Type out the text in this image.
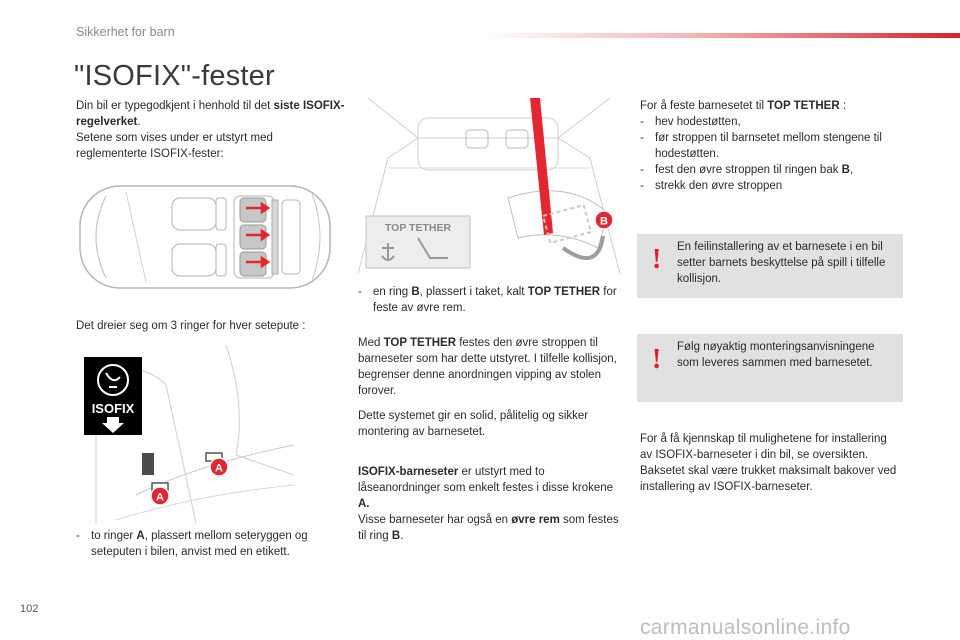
Sikkerhet for barn
"ISOFIX"-fester
Din bil er typegodkjent i henhold til det siste ISOFIX-regelverket.
Setene som vises under er utstyrt med reglementerte ISOFIX-fester:
Det dreier seg om 3 ringer for hver setepute :
ISOFIX
A
A
- to ringer A, plassert mellom seteryggen og seteputen i bilen, anvist med en etikett.
TOP TETHER
B
- en ring B, plassert i taket, kalt TOP TETHER for feste av øvre rem.
Med TOP TETHER festes den øvre stroppen til barneseter som har dette utstyret. I tilfelle kollisjon, begrenser denne anordningen vipping av stolen forover.
Dette systemet gir en solid, pålitelig og sikker montering av barnesetet.
ISOFIX-barneseter er utstyrt med to låseanordninger som enkelt festes i disse krokene A.
Visse barneseter har også en øvre rem som festes til ring B.
For å feste barnesetet til TOP TETHER :
- hev hodestøtten,
- før stroppen til barnsetet mellom stengene til hodestøtten.
- fest den øvre stroppen til ringen bak B,
- strekk den øvre stroppen
! En feilinstallering av et barnesete i en bil setter barnets beskyttelse på spill i tilfelle kollisjon.
! Følg nøyaktig monteringsanvisningene som leveres sammen med barnesetet.
For å få kjennskap til mulighetene for installering av ISOFIX-barneseter i din bil, se oversikten.
Baksetet skal være trukket maksimalt bakover ved installering av ISOFIX-barneseter.
102
carmanualsonline.info
